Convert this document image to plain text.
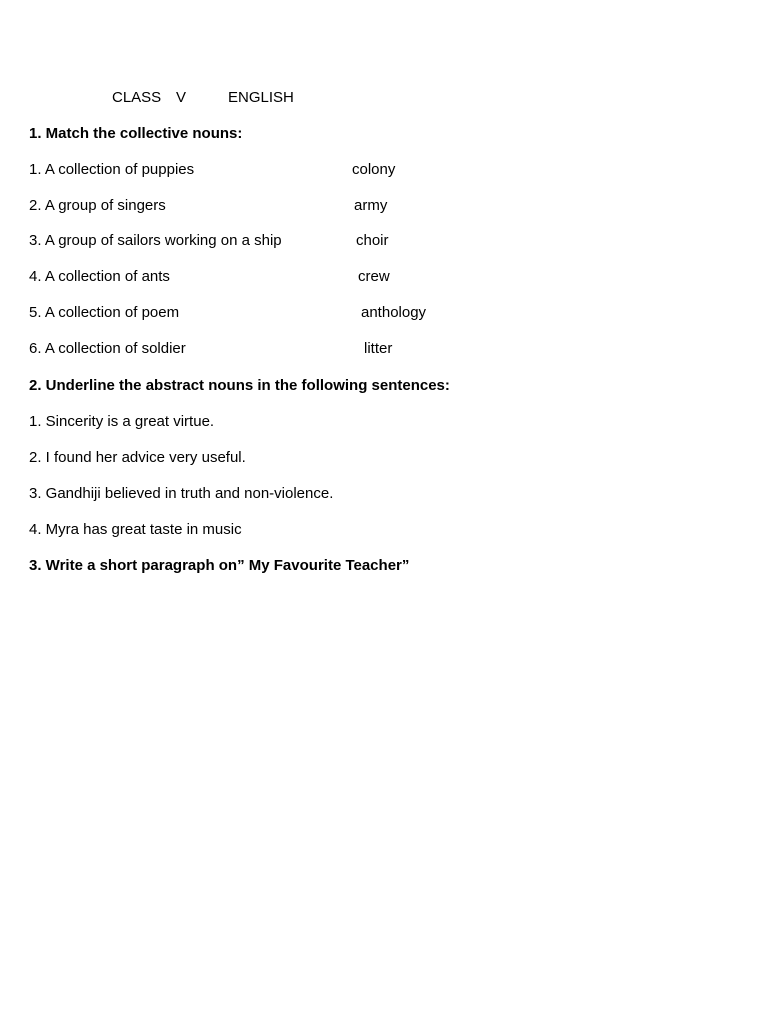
CLASS V	ENGLISH
1. Match the collective nouns:
1. A collection of puppies	colony
2. A group of singers	army
3. A group of sailors working on a ship	choir
4. A collection of ants	crew
5. A collection of poem	anthology
6. A collection of soldier	litter
2. Underline the abstract nouns in the following sentences:
1. Sincerity is a great virtue.
2. I found her advice very useful.
3. Gandhiji believed in truth and non-violence.
4. Myra has great taste in music
3. Write a short paragraph on” My Favourite Teacher”
